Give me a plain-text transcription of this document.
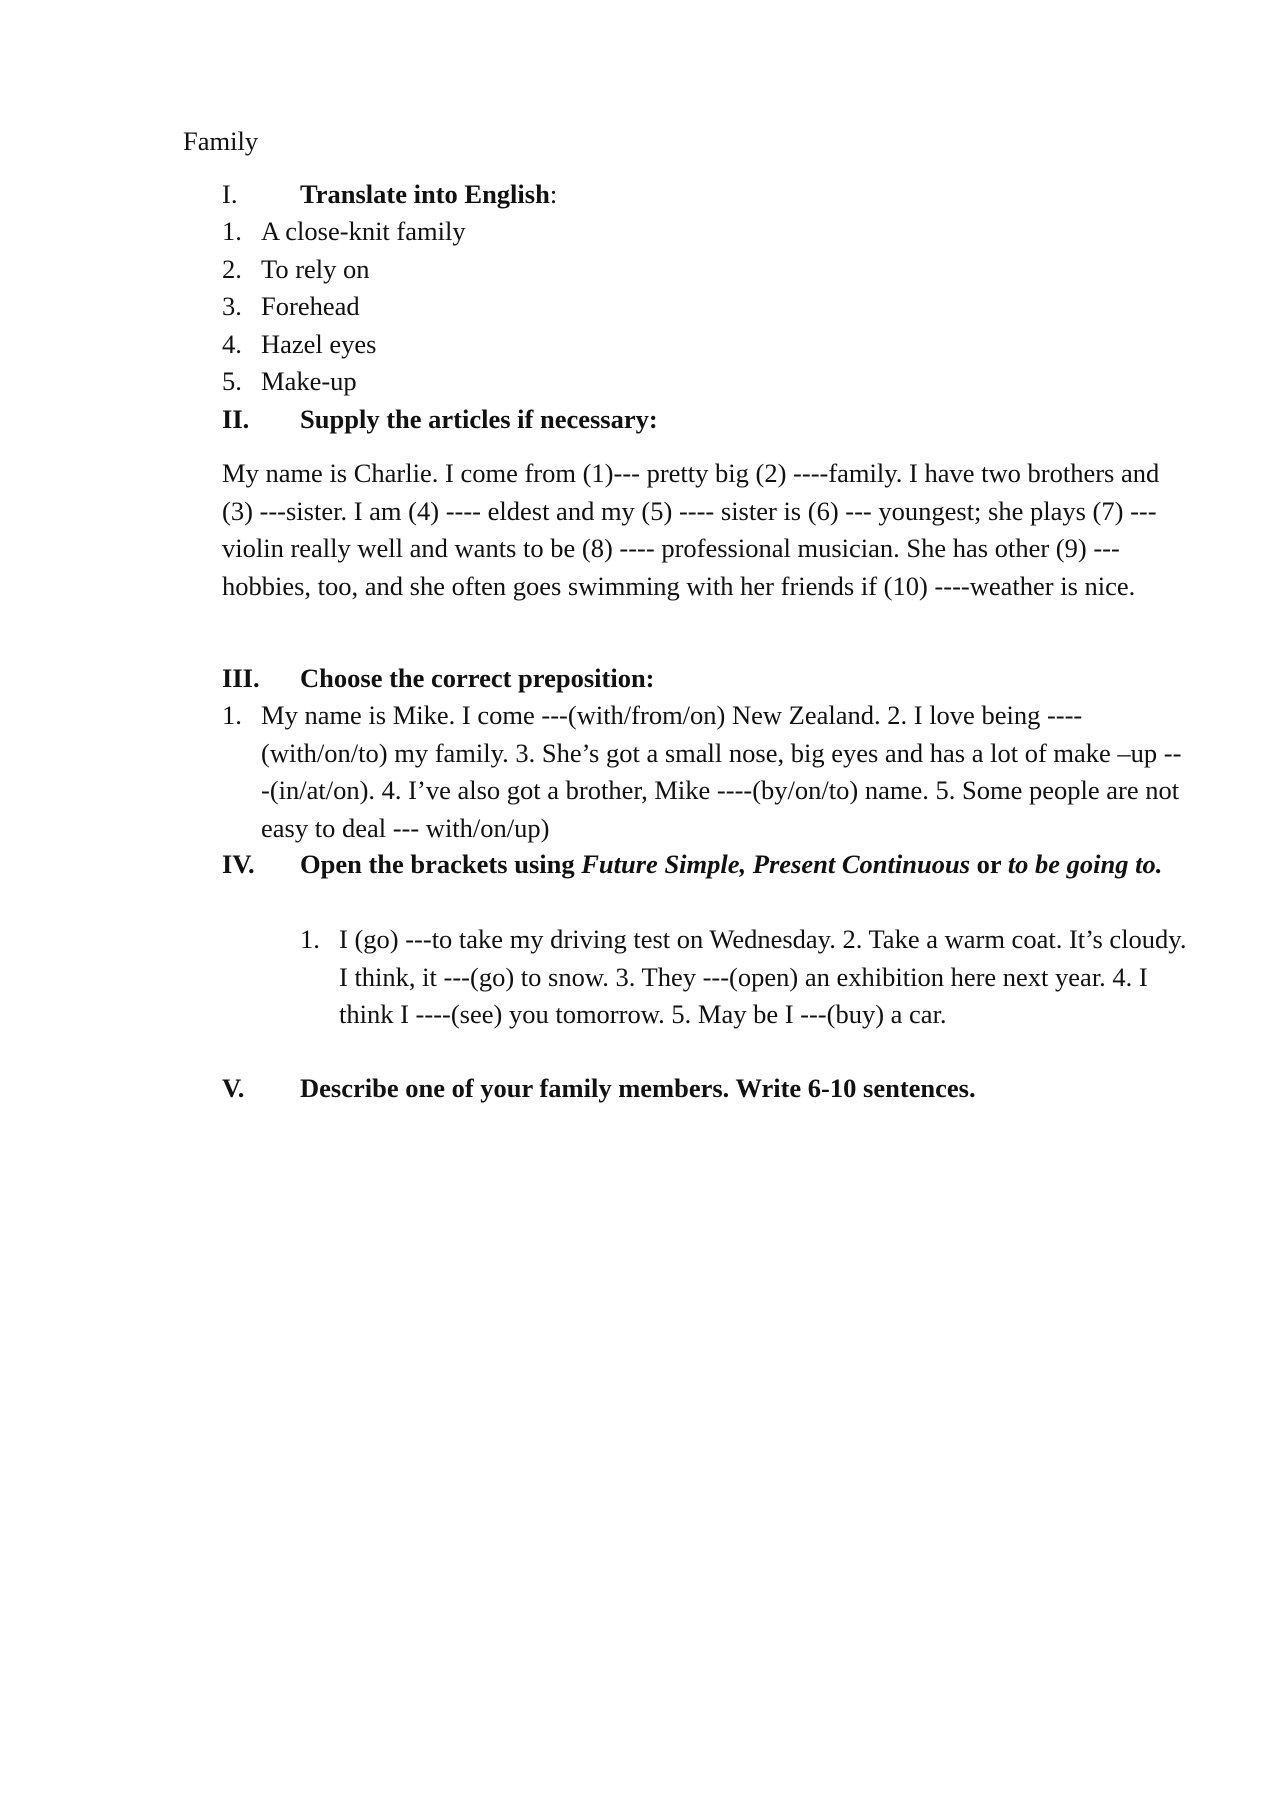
Family

I.	Translate into English:
1. A close-knit family
2. To rely on
3. Forehead
4. Hazel eyes
5. Make-up
II.	Supply the articles if necessary:

My name is Charlie. I come from (1)--- pretty big (2) ----family. I have two brothers and (3) ---sister. I am (4) ---- eldest and my (5) ---- sister is (6) --- youngest; she plays (7) --- violin really well and wants to be (8) ---- professional musician. She has other (9) --- hobbies, too, and she often goes swimming with her friends if (10) ----weather is nice.

III.	Choose the correct preposition:
1. My name is Mike. I come ---(with/from/on) New Zealand. 2. I love being ---- (with/on/to) my family. 3. She’s got a small nose, big eyes and has a lot of make –up ---(in/at/on). 4. I’ve also got a brother, Mike ----(by/on/to) name. 5. Some people are not easy to deal --- with/on/up)
IV.	Open the brackets using Future Simple, Present Continuous or to be going to.
1. I (go) ---to take my driving test on Wednesday. 2. Take a warm coat. It’s cloudy. I think, it ---(go) to snow. 3. They ---(open) an exhibition here next year. 4. I think I ----(see) you tomorrow. 5. May be I ---(buy) a car.
V.	Describe one of your family members. Write 6-10 sentences.
